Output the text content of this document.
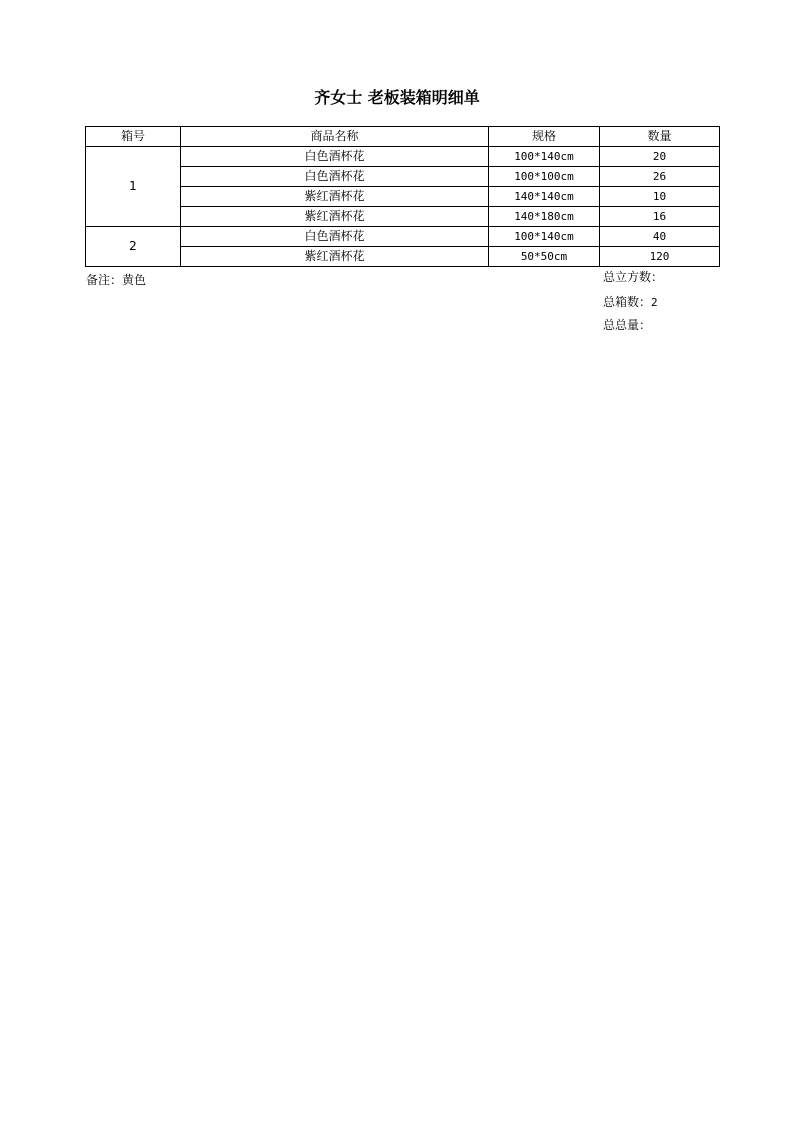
齐女士 老板装箱明细单
箱号	商品名称	规格	数量
1	白色酒杯花	100*140cm	20
	白色酒杯花	100*100cm	26
	紫红酒杯花	140*140cm	10
	紫红酒杯花	140*180cm	16
2	白色酒杯花	100*140cm	40
	紫红酒杯花	50*50cm	120
备注：黄色	总立方数：
总箱数：2
总总量：
